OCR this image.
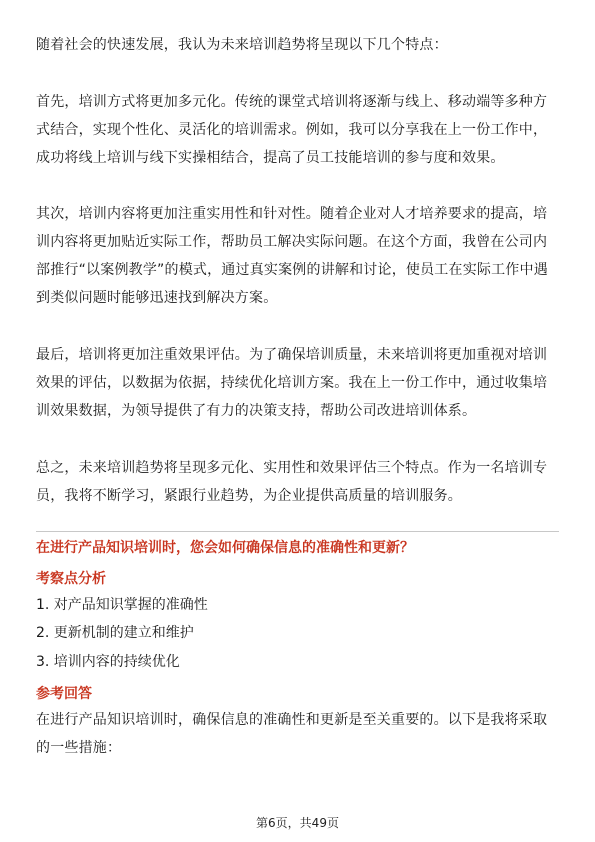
随着社会的快速发展，我认为未来培训趋势将呈现以下几个特点：

首先，培训方式将更加多元化。传统的课堂式培训将逐渐与线上、移动端等多种方
式结合，实现个性化、灵活化的培训需求。例如，我可以分享我在上一份工作中，
成功将线上培训与线下实操相结合，提高了员工技能培训的参与度和效果。

其次，培训内容将更加注重实用性和针对性。随着企业对人才培养要求的提高，培
训内容将更加贴近实际工作，帮助员工解决实际问题。在这个方面，我曾在公司内
部推行“以案例教学”的模式，通过真实案例的讲解和讨论，使员工在实际工作中遇
到类似问题时能够迅速找到解决方案。

最后，培训将更加注重效果评估。为了确保培训质量，未来培训将更加重视对培训
效果的评估，以数据为依据，持续优化培训方案。我在上一份工作中，通过收集培
训效果数据，为领导提供了有力的决策支持，帮助公司改进培训体系。

总之，未来培训趋势将呈现多元化、实用性和效果评估三个特点。作为一名培训专
员，我将不断学习，紧跟行业趋势，为企业提供高质量的培训服务。

在进行产品知识培训时，您会如何确保信息的准确性和更新？

考察点分析

1. 对产品知识掌握的准确性

2. 更新机制的建立和维护

3. 培训内容的持续优化

参考回答

在进行产品知识培训时，确保信息的准确性和更新是至关重要的。以下是我将采取
的一些措施：

第6页，共49页
